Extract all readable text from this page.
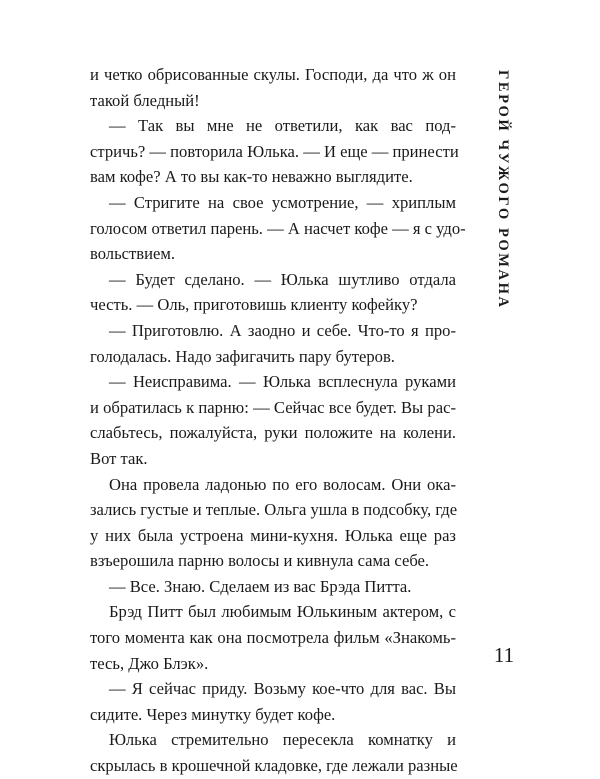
ГЕРОЙ ЧУЖОГО РОМАНА
и четко обрисованные скулы. Господи, да что ж он
такой бледный!
— Так вы мне не ответили, как вас под-
стричь? — повторила Юлька. — И еще — принести
вам кофе? А то вы как-то неважно выглядите.
— Стригите на свое усмотрение, — хриплым
голосом ответил парень. — А насчет кофе — я с удо-
вольствием.
— Будет сделано. — Юлька шутливо отдала
честь. — Оль, приготовишь клиенту кофейку?
— Приготовлю. А заодно и себе. Что-то я про-
голодалась. Надо зафигачить пару бутеров.
— Неисправима. — Юлька всплеснула руками
и обратилась к парню: — Сейчас все будет. Вы рас-
слабьтесь, пожалуйста, руки положите на колени.
Вот так.
Она провела ладонью по его волосам. Они ока-
зались густые и теплые. Ольга ушла в подсобку, где
у них была устроена мини-кухня. Юлька еще раз
взъерошила парню волосы и кивнула сама себе.
— Все. Знаю. Сделаем из вас Брэда Питта.
Брэд Питт был любимым Юлькиным актером, с
того момента как она посмотрела фильм «Знакомь-
тесь, Джо Блэк».
— Я сейчас приду. Возьму кое-что для вас. Вы
сидите. Через минутку будет кофе.
Юлька стремительно пересекла комнатку и
скрылась в крошечной кладовке, где лежали разные
11
